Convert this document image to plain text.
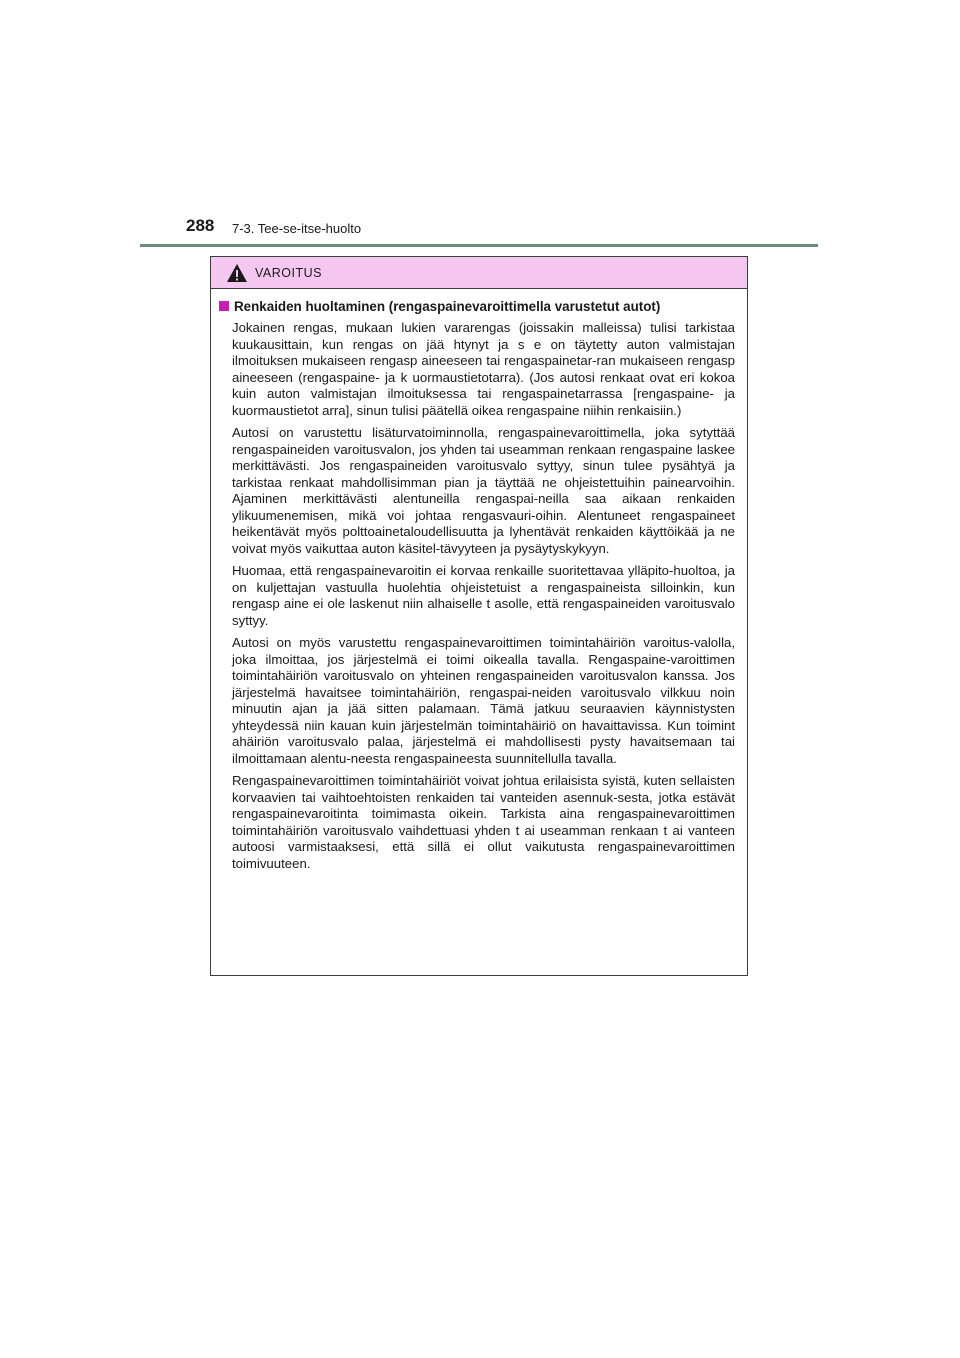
288 7-3. Tee-se-itse-huolto
VAROITUS
Renkaiden huoltaminen (rengaspainevaroittimella varustetut autot)

Jokainen rengas, mukaan lukien vararengas (joissakin malleissa) tulisi tarkistaa kuukausittain, kun rengas on jää htynyt ja s e on täytetty auton valmistajan ilmoituksen mukaiseen rengasp aineeseen tai rengaspainetar-ran mukaiseen rengasp aineeseen (rengaspaine- ja k uormaustietotarra). (Jos autosi renkaat ovat eri kokoa kuin auton valmistajan ilmoituksessa tai rengaspainetarrassa [rengaspaine- ja kuormaustietot arra], sinun tulisi päätellä oikea rengaspaine niihin renkaisiin.)

Autosi on varustettu lisäturvatoiminnolla, rengaspainevaroittimella, joka sytyttää rengaspaineiden varoitusvalon, jos yhden tai useamman renkaan rengaspaine laskee merkittävästi. Jos rengaspaineiden varoitusvalo syttyy, sinun tulee pysähtyä ja tarkistaa renkaat mahdollisimman pian ja täyttää ne ohjeistettuihin painearvoihin. Ajaminen merkittävästi alentuneilla rengaspai-neilla saa aikaan renkaiden ylikuumenemisen, mikä voi johtaa rengasvauri-oihin. Alentuneet rengaspaineet heikentävät myös polttoainetaloudellisuutta ja lyhentävät renkaiden käyttöikää ja ne voivat myös vaikuttaa auton käsitel-tävyyteen ja pysäytyskykyyn.

Huomaa, että rengaspainevaroitin ei korvaa renkaille suoritettavaa ylläpito-huoltoa, ja on kuljettajan vastuulla huolehtia ohjeistetuist a rengaspaineista silloinkin, kun rengasp aine ei ole laskenut niin alhaiselle t asolle, että rengaspaineiden varoitusvalo syttyy.

Autosi on myös varustettu rengaspainevaroittimen toimintahäiriön varoitus-valolla, joka ilmoittaa, jos järjestelmä ei toimi oikealla tavalla. Rengaspaine-varoittimen toimintahäiriön varoitusvalo on yhteinen rengaspaineiden varoitusvalon kanssa. Jos järjestelmä havaitsee toimintahäiriön, rengaspai-neiden varoitusvalo vilkkuu noin minuutin ajan ja jää sitten palamaan. Tämä jatkuu seuraavien käynnistysten yhteydessä niin kauan kuin järjestelmän toimintahäiriö on havaittavissa. Kun toimint ahäiriön varoitusvalo palaa, järjestelmä ei mahdollisesti pysty havaitsemaan tai ilmoittamaan alentu-neesta rengaspaineesta suunnitellulla tavalla.

Rengaspainevaroittimen toimintahäiriöt voivat johtua erilaisista syistä, kuten sellaisten korvaavien tai vaihtoehtoisten renkaiden tai vanteiden asennuk-sesta, jotka estävät rengaspainevaroitinta toimimasta oikein. Tarkista aina rengaspainevaroittimen toimintahäiriön varoitusvalo vaihdettuasi yhden t ai useamman renkaan t ai vanteen autoosi varmistaaksesi, että sillä ei ollut vaikutusta rengaspainevaroittimen toimivuuteen.
